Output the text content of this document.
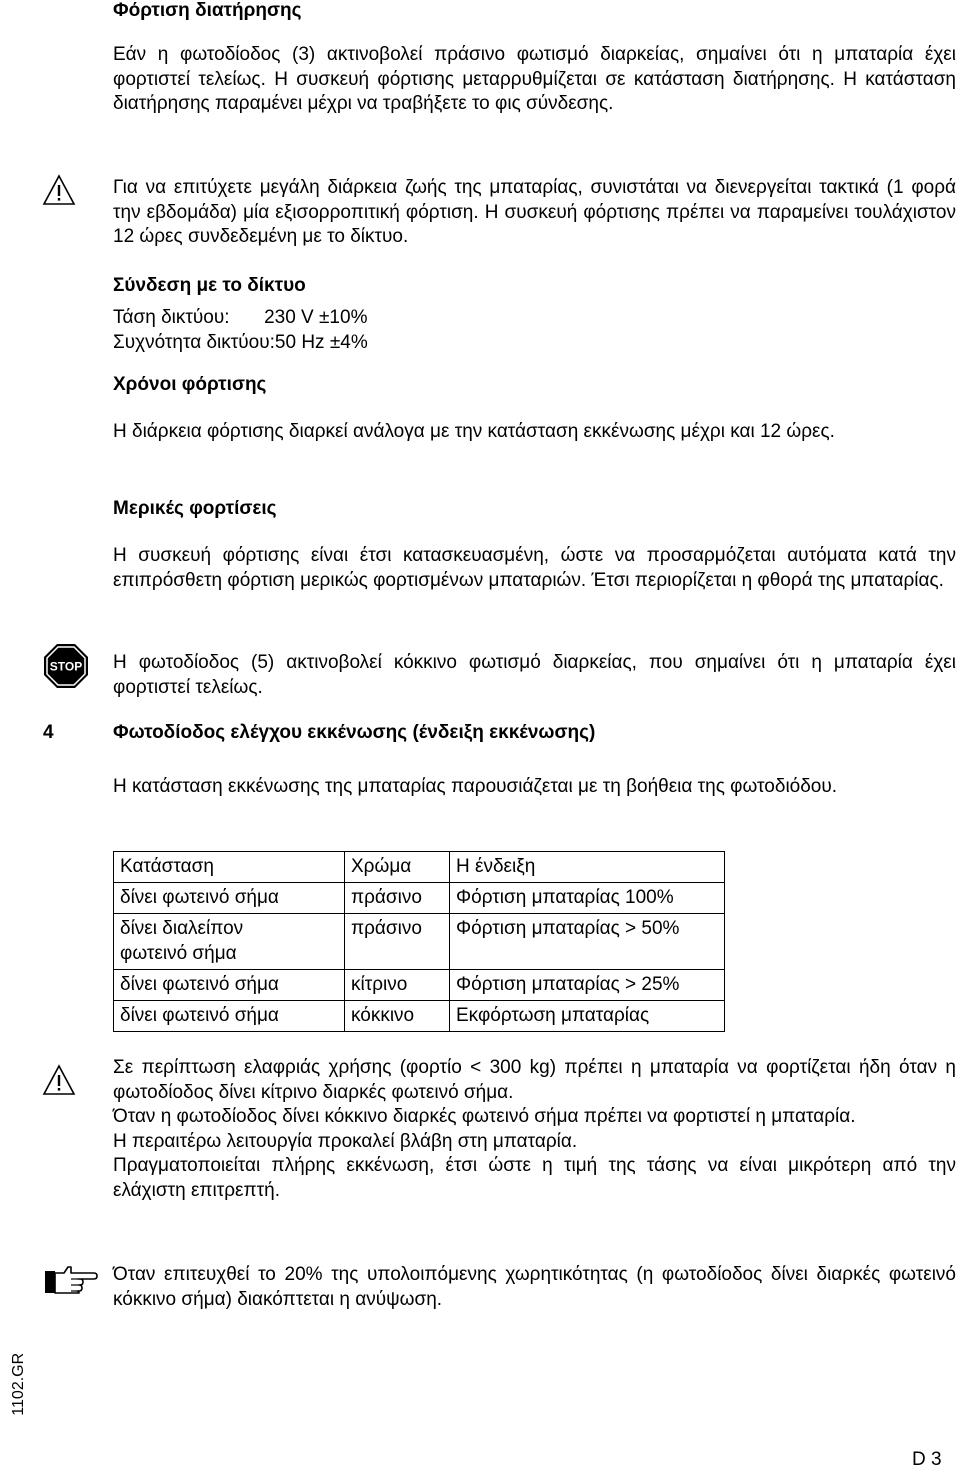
Φόρτιση διατήρησης
Εάν η φωτοδίοδος (3) ακτινοβολεί πράσινο φωτισμό διαρκείας, σημαίνει ότι η μπαταρία έχει φορτιστεί τελείως. Η συσκευή φόρτισης μεταρρυθμίζεται σε κατάσταση διατήρησης. Η κατάσταση διατήρησης παραμένει μέχρι να τραβήξετε το φις σύνδεσης.
Για να επιτύχετε μεγάλη διάρκεια ζωής της μπαταρίας, συνιστάται να διενεργείται τακτικά (1 φορά την εβδομάδα) μία εξισορροπιτική φόρτιση. Η συσκευή φόρτισης πρέπει να παραμείνει τουλάχιστον 12 ώρες συνδεδεμένη με το δίκτυο.
Σύνδεση με το δίκτυο
Τάση δικτύου: 230 V ±10%
Συχνότητα δικτύου:50 Hz ±4%
Χρόνοι φόρτισης
Η διάρκεια φόρτισης διαρκεί ανάλογα με την κατάσταση εκκένωσης μέχρι και 12 ώρες.
Μερικές φορτίσεις
Η συσκευή φόρτισης είναι έτσι κατασκευασμένη, ώστε να προσαρμόζεται αυτόματα κατά την επιπρόσθετη φόρτιση μερικώς φορτισμένων μπαταριών. Έτσι περιορίζεται η φθορά της μπαταρίας.
STOP Η φωτοδίοδος (5) ακτινοβολεί κόκκινο φωτισμό διαρκείας, που σημαίνει ότι η μπαταρία έχει φορτιστεί τελείως.
4	Φωτοδίοδος ελέγχου εκκένωσης (ένδειξη εκκένωσης)
Η κατάσταση εκκένωσης της μπαταρίας παρουσιάζεται με τη βοήθεια της φωτοδιόδου.
Κατάσταση	Χρώμα	Η ένδειξη
δίνει φωτεινό σήμα	πράσινο	Φόρτιση μπαταρίας 100%
δίνει διαλείπον φωτεινό σήμα	πράσινο	Φόρτιση μπαταρίας > 50%
δίνει φωτεινό σήμα	κίτρινο	Φόρτιση μπαταρίας > 25%
δίνει φωτεινό σήμα	κόκκινο	Εκφόρτωση μπαταρίας
Σε περίπτωση ελαφριάς χρήσης (φορτίο < 300 kg) πρέπει η μπαταρία να φορτίζεται ήδη όταν η φωτοδίοδος δίνει κίτρινο διαρκές φωτεινό σήμα.
Όταν η φωτοδίοδος δίνει κόκκινο διαρκές φωτεινό σήμα πρέπει να φορτιστεί η μπαταρία.
Η περαιτέρω λειτουργία προκαλεί βλάβη στη μπαταρία.
Πραγματοποιείται πλήρης εκκένωση, έτσι ώστε η τιμή της τάσης να είναι μικρότερη από την ελάχιστη επιτρεπτή.
Όταν επιτευχθεί το 20% της υπολοιπόμενης χωρητικότητας (η φωτοδίοδος δίνει διαρκές φωτεινό κόκκινο σήμα) διακόπτεται η ανύψωση.
1102.GR
D 3
